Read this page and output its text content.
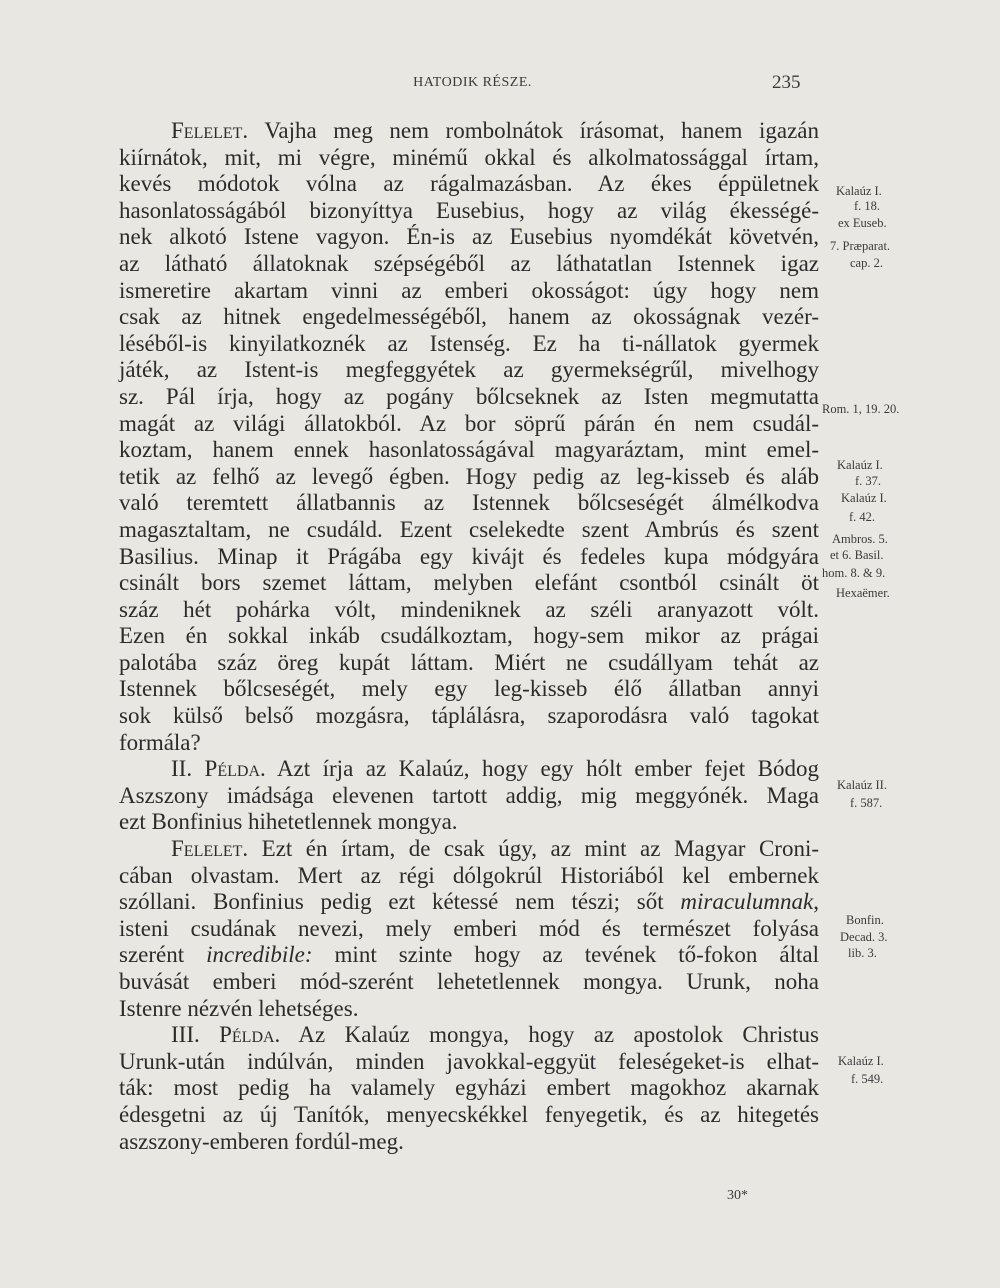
HATODIK RÉSZE.	235
Felelet. Vajha meg nem rombolnátok írásomat, hanem igazán
kiírnátok, mit, mi végre, minémű okkal és alkolmatossággal írtam,
kevés módotok vólna az rágalmazásban. Az ékes éppületnek
hasonlatosságából bizonyíttya Eusebius, hogy az világ ékességé-
nek alkotó Istene vagyon. Én-is az Eusebius nyomdékát követvén,
az látható állatoknak szépségéből az láthatatlan Istennek igaz
ismeretire akartam vinni az emberi okosságot: úgy hogy nem
csak az hitnek engedelmességéből, hanem az okosságnak vezér-
léséből-is kinyilatkoznék az Istenség. Ez ha ti-nállatok gyermek
játék, az Istent-is megfeggyétek az gyermekségrűl, mivelhogy
sz. Pál írja, hogy az pogány bőlcseknek az Isten megmutatta
magát az világi állatokból. Az bor söprű párán én nem csudál-
koztam, hanem ennek hasonlatosságával magyaráztam, mint emel-
tetik az felhő az levegő égben. Hogy pedig az leg-kisseb és aláb
való teremtett állatbannis az Istennek bőlcseségét álmélkodva
magasztaltam, ne csudáld. Ezent cselekedte szent Ambrús és szent
Basilius. Minap it Prágába egy kivájt és fedeles kupa módgyára
csinált bors szemet láttam, melyben elefánt csontból csinált öt
száz hét pohárka vólt, mindeniknek az széli aranyazott vólt.
Ezen én sokkal inkáb csudálkoztam, hogy-sem mikor az prágai
palotába száz öreg kupát láttam. Miért ne csudállyam tehát az
Istennek bőlcseségét, mely egy leg-kisseb élő állatban annyi
sok külső belső mozgásra, táplálásra, szaporodásra való tagokat
formála?
II. Példa. Azt írja az Kalaúz, hogy egy hólt ember fejet Bódog
Aszszony imádsága elevenen tartott addig, mig meggyónék. Maga
ezt Bonfinius hihetetlennek mongya.
Felelet. Ezt én írtam, de csak úgy, az mint az Magyar Croni-
cában olvastam. Mert az régi dólgokrúl Historiából kel embernek
szóllani. Bonfinius pedig ezt kétessé nem tészi; sőt miraculumnak,
isteni csudának nevezi, mely emberi mód és természet folyása
szerént incredibile: mint szinte hogy az tevének tő-fokon által
buvását emberi mód-szerént lehetetlennek mongya. Urunk, noha
Istenre nézvén lehetséges.
III. Példa. Az Kalaúz mongya, hogy az apostolok Christus
Urunk-után indúlván, minden javokkal-eggyüt feleségeket-is elhat-
ták: most pedig ha valamely egyházi embert magokhoz akarnak
édesgetni az új Tanítók, menyecskékkel fenyegetik, és az hitegetés
aszszony-emberen fordúl-meg.
Kalaúz I.
f. 18.
ex Euseb.
7. Præparat.
cap. 2.
Rom. 1, 19. 20.
Kalaúz I.
f. 37.
Kalaúz I.
f. 42.
Ambros. 5.
et 6. Basil.
hom. 8. & 9.
Hexaëmer.
Kalaúz II.
f. 587.
Bonfin.
Decad. 3.
lib. 3.
Kalaúz I.
f. 549.
30*
